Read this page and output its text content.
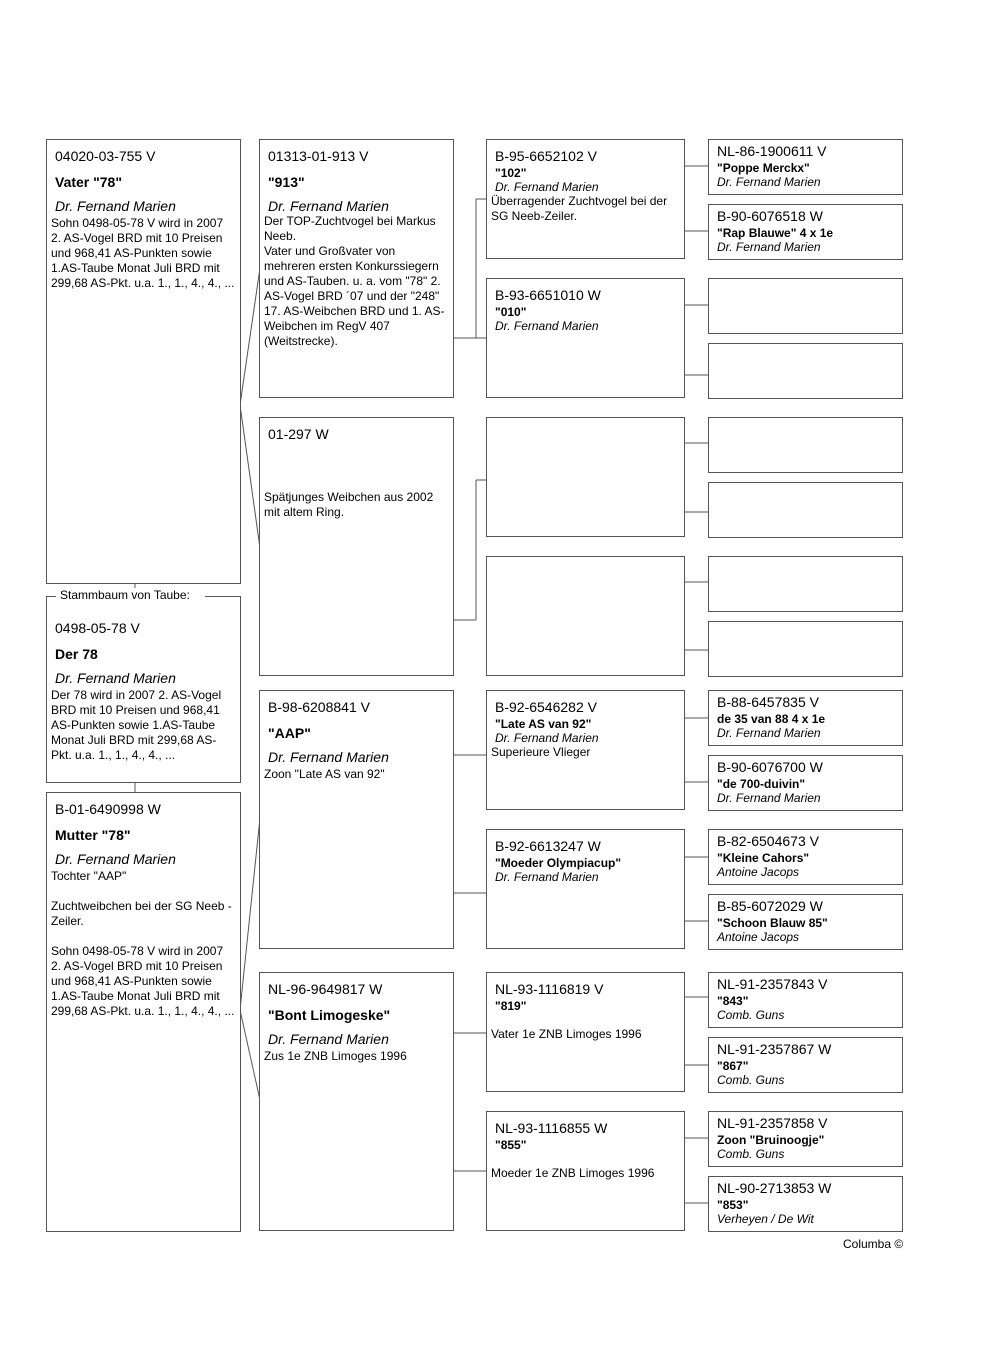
04020-03-755 V
Vater "78"
Dr. Fernand Marien
Sohn 0498-05-78 V wird in 2007 2. AS-Vogel BRD mit 10 Preisen und 968,41 AS-Punkten sowie 1.AS-Taube Monat Juli BRD mit 299,68 AS-Pkt. u.a. 1., 1., 4., 4., ...
0498-05-78 V
Der 78
Dr. Fernand Marien
Der 78 wird in 2007 2. AS-Vogel BRD mit 10 Preisen und 968,41 AS-Punkten sowie 1.AS-Taube Monat Juli BRD mit 299,68 AS-Pkt. u.a. 1., 1., 4., 4., ...
Stammbaum von Taube:
B-01-6490998 W
Mutter "78"
Dr. Fernand Marien
Tochter "AAP"

Zuchtweibchen bei der SG Neeb -Zeiler.

Sohn 0498-05-78 V wird in 2007 2. AS-Vogel BRD mit 10 Preisen und 968,41 AS-Punkten sowie 1.AS-Taube Monat Juli BRD mit 299,68 AS-Pkt. u.a. 1., 1., 4., 4., ...
01313-01-913 V
"913"
Dr. Fernand Marien
Der TOP-Zuchtvogel bei Markus Neeb.
Vater und Großvater von mehreren ersten Konkurssiegern und AS-Tauben. u. a. vom "78" 2. AS-Vogel BRD ´07 und der "248" 17. AS-Weibchen BRD und 1. AS-Weibchen im RegV 407 (Weitstrecke).
01-297 W
Spätjunges Weibchen aus 2002 mit altem Ring.
B-98-6208841 V
"AAP"
Dr. Fernand Marien
Zoon "Late AS van 92"
NL-96-9649817 W
"Bont Limogeske"
Dr. Fernand Marien
Zus 1e ZNB Limoges 1996
B-95-6652102 V
"102"
Dr. Fernand Marien
Überragender Zuchtvogel bei der SG Neeb-Zeiler.
B-93-6651010 W
"010"
Dr. Fernand Marien
B-92-6546282 V
"Late AS van 92"
Dr. Fernand Marien
Superieure Vlieger
B-92-6613247 W
"Moeder Olympiacup"
Dr. Fernand Marien
NL-93-1116819 V
"819"
Vater 1e ZNB Limoges 1996
NL-93-1116855 W
"855"
Moeder 1e ZNB Limoges 1996
NL-86-1900611 V
"Poppe Merckx"
Dr. Fernand Marien
B-90-6076518 W
"Rap Blauwe" 4 x 1e
Dr. Fernand Marien
B-88-6457835 V
de 35 van 88 4 x 1e
Dr. Fernand Marien
B-90-6076700 W
"de 700-duivin"
Dr. Fernand Marien
B-82-6504673 V
"Kleine Cahors"
Antoine Jacops
B-85-6072029 W
"Schoon Blauw 85"
Antoine Jacops
NL-91-2357843 V
"843"
Comb. Guns
NL-91-2357867 W
"867"
Comb. Guns
NL-91-2357858 V
Zoon "Bruinoogje"
Comb. Guns
NL-90-2713853 W
"853"
Verheyen / De Wit
Columba ©
